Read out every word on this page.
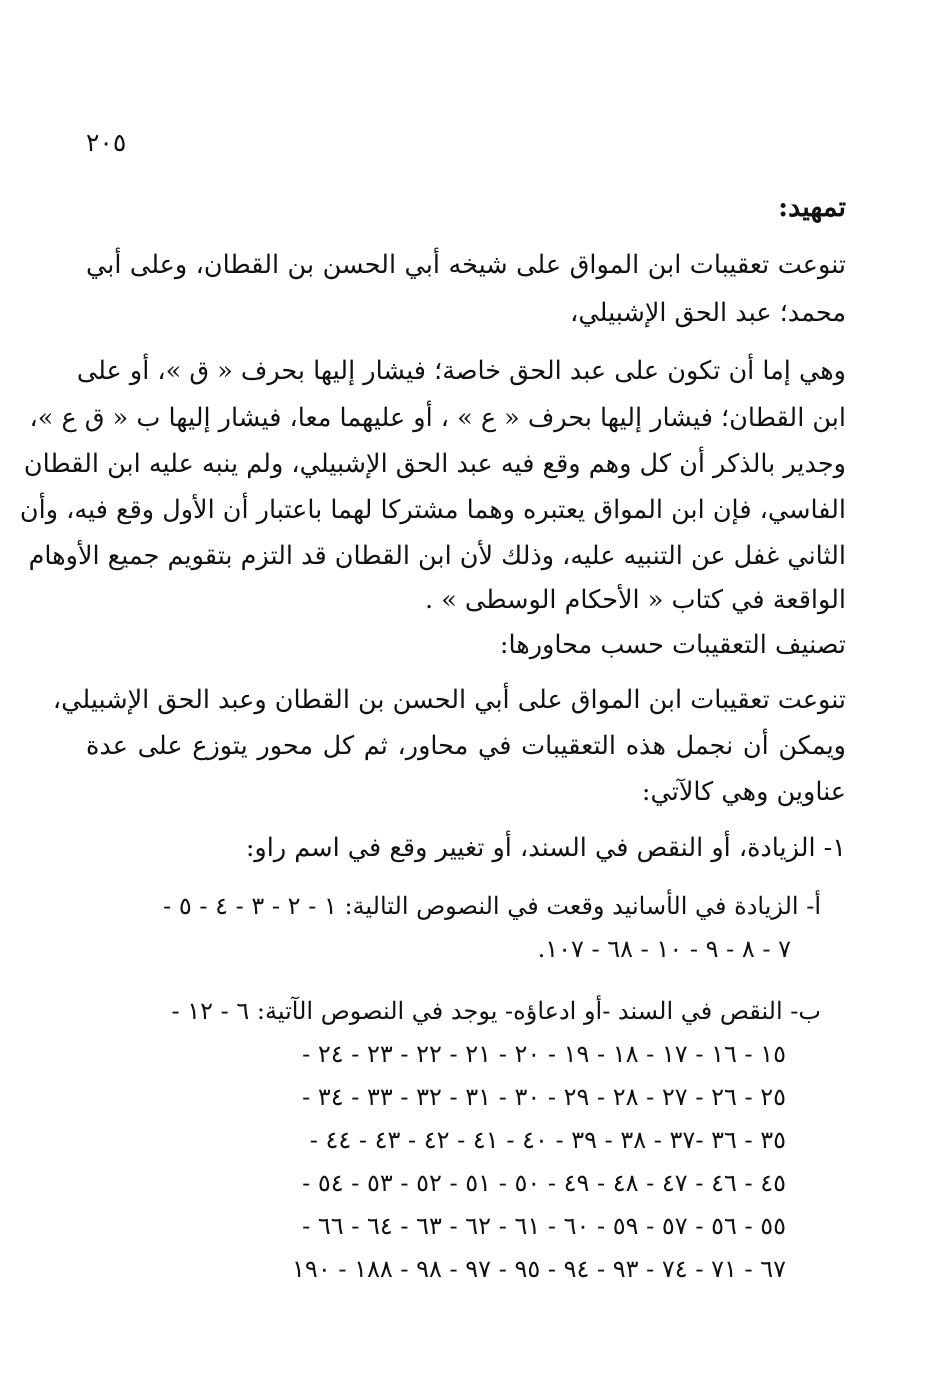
٢٠٥
تمهيد:
تنوعت تعقيبات ابن المواق على شيخه أبي الحسن بن القطان، وعلى أبي
محمد؛ عبد الحق الإشبيلي،
وهي إما أن تكون على عبد الحق خاصة؛ فيشار إليها بحرف « ق »، أو على
ابن القطان؛ فيشار إليها بحرف « ع » ، أو عليهما معا، فيشار إليها ب « ق ع »،
وجدير بالذكر أن كل وهم وقع فيه عبد الحق الإشبيلي، ولم ينبه عليه ابن القطان
الفاسي، فإن ابن المواق يعتبره وهما مشتركا لهما باعتبار أن الأول وقع فيه، وأن
الثاني غفل عن التنبيه عليه، وذلك لأن ابن القطان قد التزم بتقويم جميع الأوهام
الواقعة في كتاب « الأحكام الوسطى » .
تصنيف التعقيبات حسب محاورها:
تنوعت تعقيبات ابن المواق على أبي الحسن بن القطان وعبد الحق الإشبيلي،
ويمكن أن نجمل هذه التعقيبات في محاور، ثم كل محور يتوزع على عدة
عناوين وهي كالآتي:
١- الزيادة، أو النقص في السند، أو تغيير وقع في اسم راو:
أ- الزيادة في الأسانيد وقعت في النصوص التالية: ١ - ٢ - ٣ - ٤ - ٥ -
٧ - ٨ - ٩ - ١٠ - ٦٨ - ١٠٧.
ب- النقص في السند -أو ادعاؤه- يوجد في النصوص الآتية: ٦ - ١٢ -
١٥ - ١٦ - ١٧ - ١٨ - ١٩ - ٢٠ - ٢١ - ٢٢ - ٢٣ - ٢٤ -
٢٥ - ٢٦ - ٢٧ - ٢٨ - ٢٩ - ٣٠ - ٣١ - ٣٢ - ٣٣ - ٣٤ -
٣٥ - ٣٦ -٣٧ - ٣٨ - ٣٩ - ٤٠ - ٤١ - ٤٢ - ٤٣ - ٤٤ -
٤٥ - ٤٦ - ٤٧ - ٤٨ - ٤٩ - ٥٠ - ٥١ - ٥٢ - ٥٣ - ٥٤ -
٥٥ - ٥٦ - ٥٧ - ٥٩ - ٦٠ - ٦١ - ٦٢ - ٦٣ - ٦٤ - ٦٦ -
٦٧ - ٧١ - ٧٤ - ٩٣ - ٩٤ - ٩٥ - ٩٧ - ٩٨ - ١٨٨ - ١٩٠
